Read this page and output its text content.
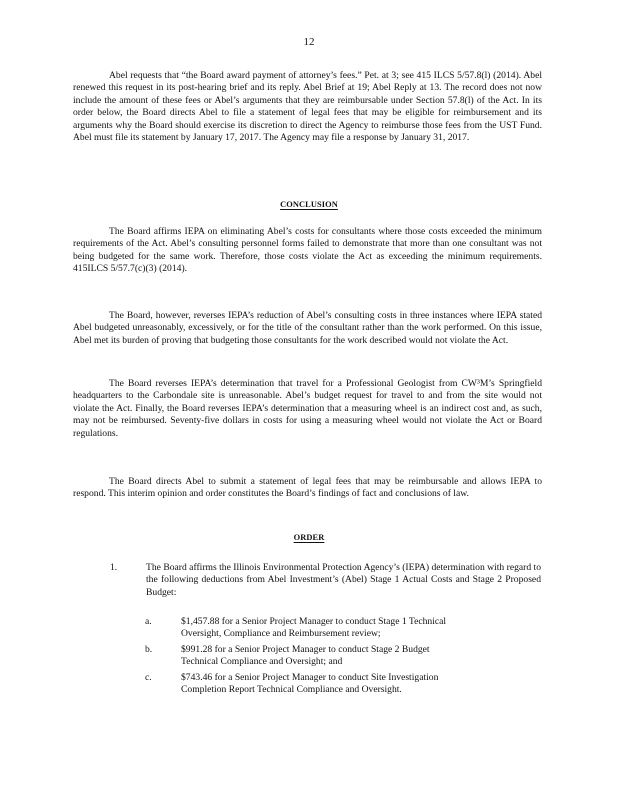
12

Abel requests that “the Board award payment of attorney’s fees.” Pet. at 3; see 415 ILCS 5/57.8(l) (2014). Abel renewed this request in its post-hearing brief and its reply. Abel Brief at 19; Abel Reply at 13. The record does not now include the amount of these fees or Abel’s arguments that they are reimbursable under Section 57.8(l) of the Act. In its order below, the Board directs Abel to file a statement of legal fees that may be eligible for reimbursement and its arguments why the Board should exercise its discretion to direct the Agency to reimburse those fees from the UST Fund. Abel must file its statement by January 17, 2017. The Agency may file a response by January 31, 2017.

CONCLUSION

The Board affirms IEPA on eliminating Abel’s costs for consultants where those costs exceeded the minimum requirements of the Act. Abel’s consulting personnel forms failed to demonstrate that more than one consultant was not being budgeted for the same work. Therefore, those costs violate the Act as exceeding the minimum requirements. 415ILCS 5/57.7(c)(3) (2014).

The Board, however, reverses IEPA’s reduction of Abel’s consulting costs in three instances where IEPA stated Abel budgeted unreasonably, excessively, or for the title of the consultant rather than the work performed. On this issue, Abel met its burden of proving that budgeting those consultants for the work described would not violate the Act.

The Board reverses IEPA’s determination that travel for a Professional Geologist from CW³M’s Springfield headquarters to the Carbondale site is unreasonable. Abel’s budget request for travel to and from the site would not violate the Act. Finally, the Board reverses IEPA’s determination that a measuring wheel is an indirect cost and, as such, may not be reimbursed. Seventy-five dollars in costs for using a measuring wheel would not violate the Act or Board regulations.

The Board directs Abel to submit a statement of legal fees that may be reimbursable and allows IEPA to respond. This interim opinion and order constitutes the Board’s findings of fact and conclusions of law.

ORDER
1.	The Board affirms the Illinois Environmental Protection Agency’s (IEPA) determination with regard to the following deductions from Abel Investment’s (Abel) Stage 1 Actual Costs and Stage 2 Proposed Budget:

a.	$1,457.88 for a Senior Project Manager to conduct Stage 1 Technical Oversight, Compliance and Reimbursement review;

b.	$991.28 for a Senior Project Manager to conduct Stage 2 Budget Technical Compliance and Oversight; and

c.	$743.46 for a Senior Project Manager to conduct Site Investigation Completion Report Technical Compliance and Oversight.
